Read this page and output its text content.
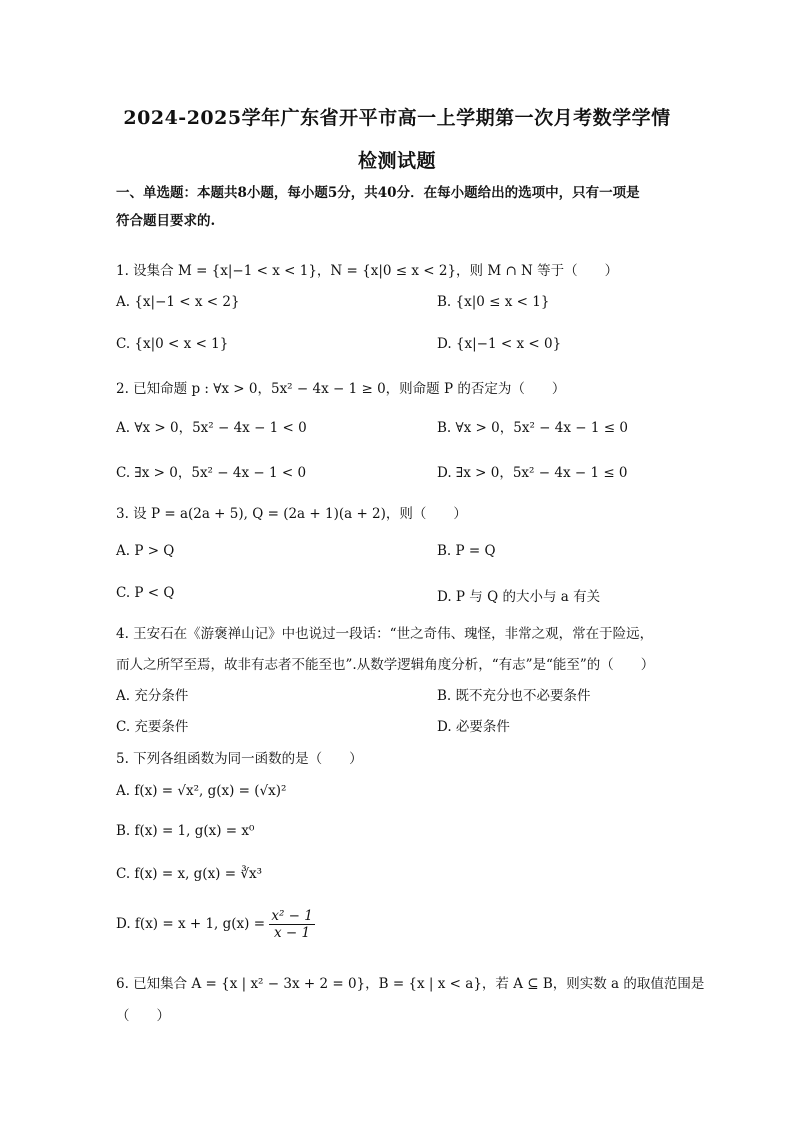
2024-2025学年广东省开平市高一上学期第一次月考数学学情
检测试题
一、单选题：本题共8小题，每小题5分，共40分．在每小题给出的选项中，只有一项是
符合题目要求的.
1. 设集合 M = {x|−1 < x < 1}，N = {x|0 ≤ x < 2}，则 M ∩ N 等于（　　）
A. {x|−1 < x < 2}	B. {x|0 ≤ x < 1}
C. {x|0 < x < 1}	D. {x|−1 < x < 0}
2. 已知命题 p : ∀x > 0，5x² − 4x − 1 ≥ 0，则命题 P 的否定为（　　）
A. ∀x > 0，5x² − 4x − 1 < 0	B. ∀x > 0，5x² − 4x − 1 ≤ 0
C. ∃x > 0，5x² − 4x − 1 < 0	D. ∃x > 0，5x² − 4x − 1 ≤ 0
3. 设 P = a(2a + 5), Q = (2a + 1)(a + 2)，则（　　）
A. P > Q	B. P = Q
C. P < Q	D. P 与 Q 的大小与 a 有关
4. 王安石在《游褒禅山记》中也说过一段话：“世之奇伟、瑰怪，非常之观，常在于险远，
而人之所罕至焉，故非有志者不能至也”.从数学逻辑角度分析，“有志”是“能至”的（　　）
A. 充分条件	B. 既不充分也不必要条件
C. 充要条件	D. 必要条件
5. 下列各组函数为同一函数的是（　　）
A. f(x) = √x², g(x) = (√x)²
B. f(x) = 1, g(x) = x⁰
C. f(x) = x, g(x) = ∛x³
D. f(x) = x + 1, $g(x) = \frac{\text{x² − 1}}{x - 1}$
6. 已知集合 A = {x | x² − 3x + 2 = 0}，B = {x | x < a}，若 A ⊆ B，则实数 a 的取值范围是
（　　）
